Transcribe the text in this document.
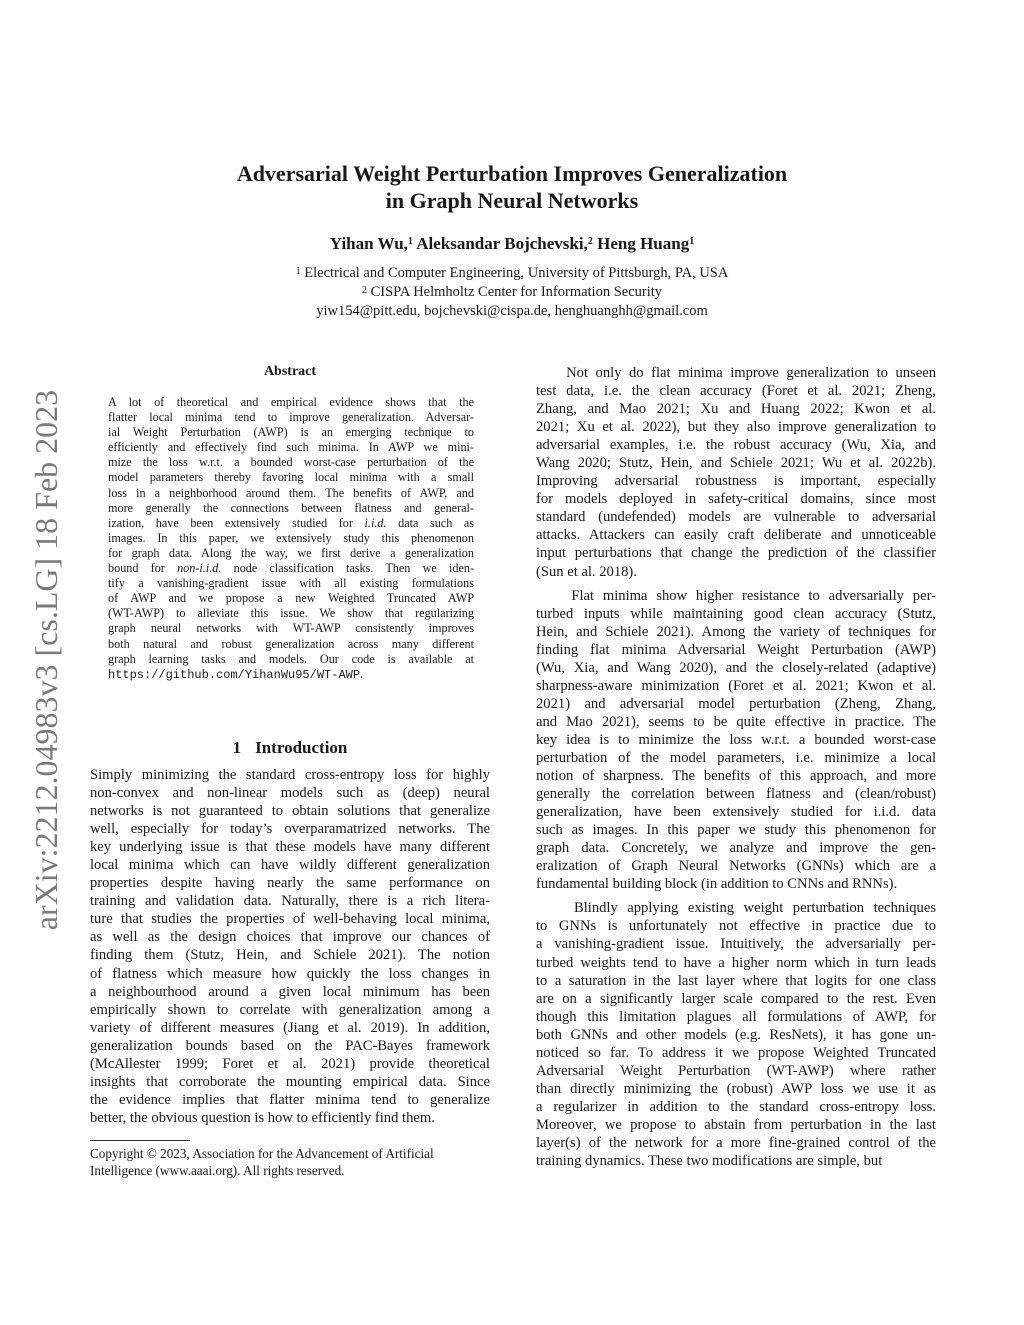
Adversarial Weight Perturbation Improves Generalization
in Graph Neural Networks
Yihan Wu,$^1$ Aleksandar Bojchevski,$^2$ Heng Huang$^1$
$^1$ Electrical and Computer Engineering, University of Pittsburgh, PA, USA
$^2$ CISPA Helmholtz Center for Information Security
yiw154@pitt.edu, bojchevski@cispa.de, henghuanghh@gmail.com
arXiv:2212.04983v3 [cs.LG] 18 Feb 2023
Abstract
A lot of theoretical and empirical evidence shows that the
flatter local minima tend to improve generalization. Adversar-
ial Weight Perturbation (AWP) is an emerging technique to
efficiently and effectively find such minima. In AWP we mini-
mize the loss w.r.t. a bounded worst-case perturbation of the
model parameters thereby favoring local minima with a small
loss in a neighborhood around them. The benefits of AWP, and
more generally the connections between flatness and general-
ization, have been extensively studied for i.i.d. data such as
images. In this paper, we extensively study this phenomenon
for graph data. Along the way, we first derive a generalization
bound for non-i.i.d. node classification tasks. Then we iden-
tify a vanishing-gradient issue with all existing formulations
of AWP and we propose a new Weighted Truncated AWP
(WT-AWP) to alleviate this issue. We show that regularizing
graph neural networks with WT-AWP consistently improves
both natural and robust generalization across many different
graph learning tasks and models. Our code is available at
https://github.com/YihanWu95/WT-AWP.
1 Introduction
Simply minimizing the standard cross-entropy loss for highly
non-convex and non-linear models such as (deep) neural
networks is not guaranteed to obtain solutions that generalize
well, especially for today’s overparamatrized networks. The
key underlying issue is that these models have many different
local minima which can have wildly different generalization
properties despite having nearly the same performance on
training and validation data. Naturally, there is a rich litera-
ture that studies the properties of well-behaving local minima,
as well as the design choices that improve our chances of
finding them (Stutz, Hein, and Schiele 2021). The notion
of flatness which measure how quickly the loss changes in
a neighbourhood around a given local minimum has been
empirically shown to correlate with generalization among a
variety of different measures (Jiang et al. 2019). In addition,
generalization bounds based on the PAC-Bayes framework
(McAllester 1999; Foret et al. 2021) provide theoretical
insights that corroborate the mounting empirical data. Since
the evidence implies that flatter minima tend to generalize
better, the obvious question is how to efficiently find them.
Copyright © 2023, Association for the Advancement of Artificial
Intelligence (www.aaai.org). All rights reserved.
Not only do flat minima improve generalization to unseen
test data, i.e. the clean accuracy (Foret et al. 2021; Zheng,
Zhang, and Mao 2021; Xu and Huang 2022; Kwon et al.
2021; Xu et al. 2022), but they also improve generalization to
adversarial examples, i.e. the robust accuracy (Wu, Xia, and
Wang 2020; Stutz, Hein, and Schiele 2021; Wu et al. 2022b).
Improving adversarial robustness is important, especially
for models deployed in safety-critical domains, since most
standard (undefended) models are vulnerable to adversarial
attacks. Attackers can easily craft deliberate and unnoticeable
input perturbations that change the prediction of the classifier
(Sun et al. 2018).
Flat minima show higher resistance to adversarially per-
turbed inputs while maintaining good clean accuracy (Stutz,
Hein, and Schiele 2021). Among the variety of techniques for
finding flat minima Adversarial Weight Perturbation (AWP)
(Wu, Xia, and Wang 2020), and the closely-related (adaptive)
sharpness-aware minimization (Foret et al. 2021; Kwon et al.
2021) and adversarial model perturbation (Zheng, Zhang,
and Mao 2021), seems to be quite effective in practice. The
key idea is to minimize the loss w.r.t. a bounded worst-case
perturbation of the model parameters, i.e. minimize a local
notion of sharpness. The benefits of this approach, and more
generally the correlation between flatness and (clean/robust)
generalization, have been extensively studied for i.i.d. data
such as images. In this paper we study this phenomenon for
graph data. Concretely, we analyze and improve the gen-
eralization of Graph Neural Networks (GNNs) which are a
fundamental building block (in addition to CNNs and RNNs).
Blindly applying existing weight perturbation techniques
to GNNs is unfortunately not effective in practice due to
a vanishing-gradient issue. Intuitively, the adversarially per-
turbed weights tend to have a higher norm which in turn leads
to a saturation in the last layer where that logits for one class
are on a significantly larger scale compared to the rest. Even
though this limitation plagues all formulations of AWP, for
both GNNs and other models (e.g. ResNets), it has gone un-
noticed so far. To address it we propose Weighted Truncated
Adversarial Weight Perturbation (WT-AWP) where rather
than directly minimizing the (robust) AWP loss we use it as
a regularizer in addition to the standard cross-entropy loss.
Moreover, we propose to abstain from perturbation in the last
layer(s) of the network for a more fine-grained control of the
training dynamics. These two modifications are simple, but
